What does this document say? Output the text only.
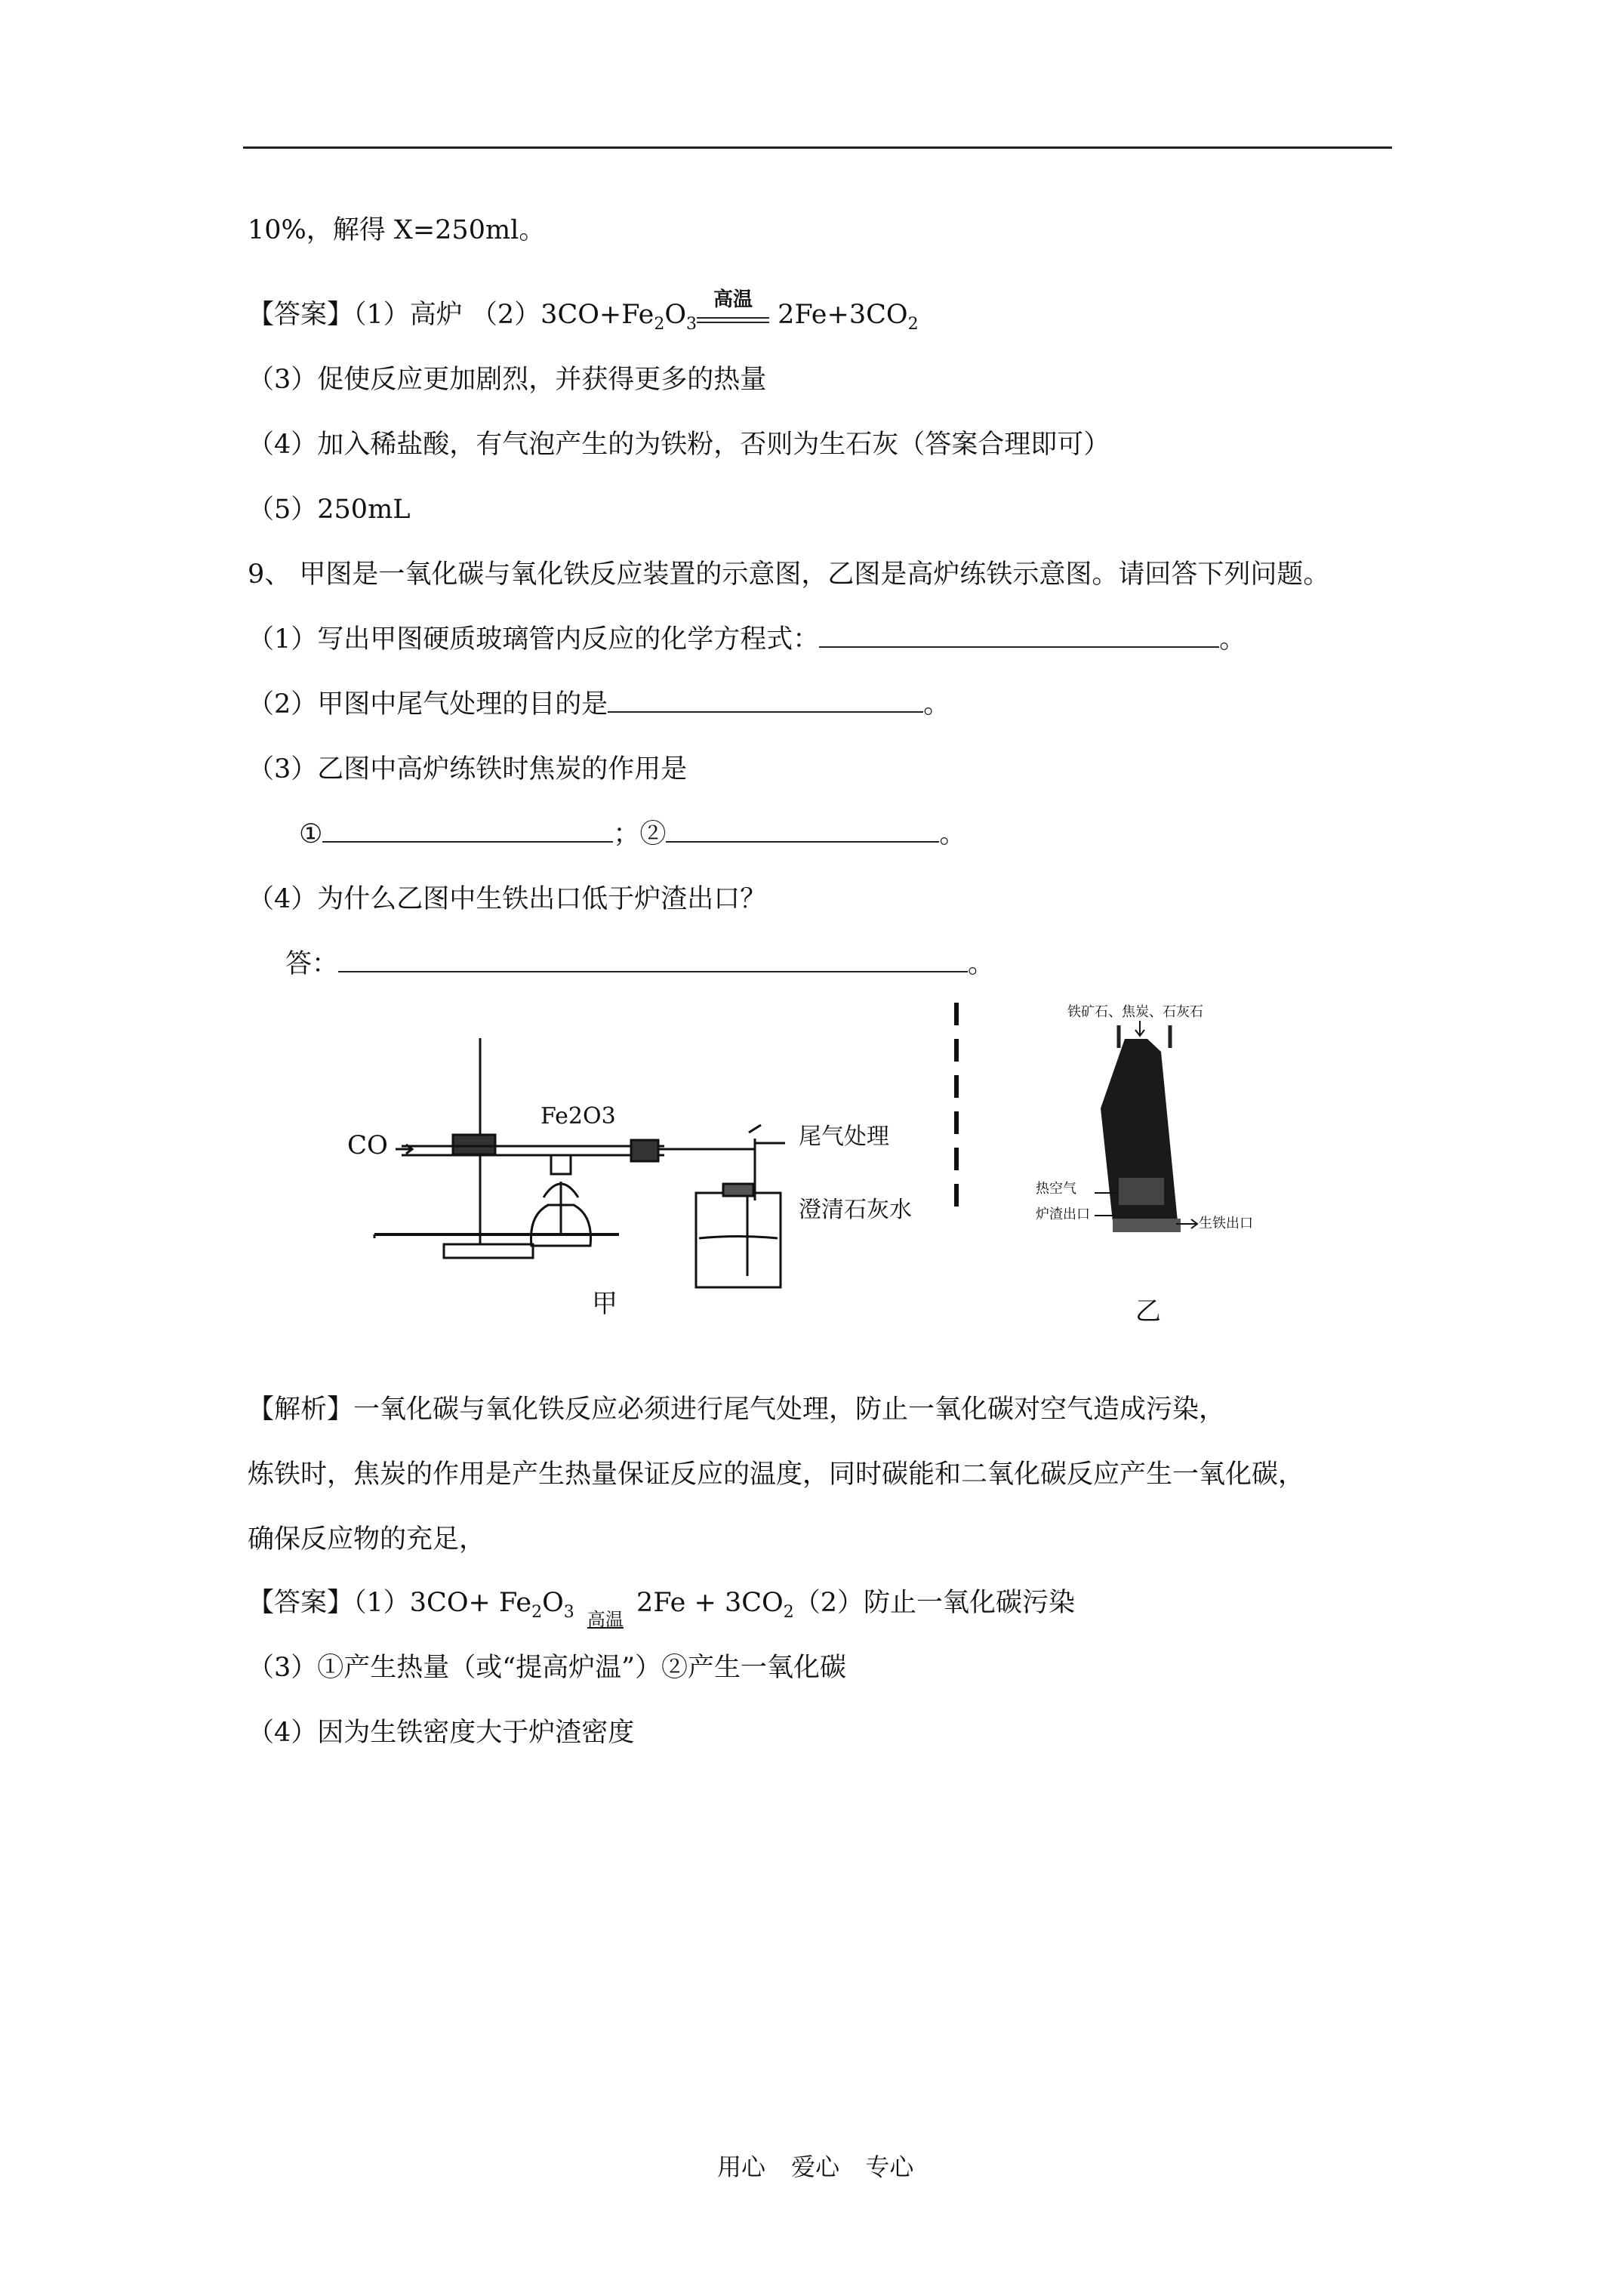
10%，解得 X=250ml。
【答案】（1）高炉 $(2)3CO+Fe_2O_3$
高温 $2Fe+3CO_2$
（3）促使反应更加剧烈，并获得更多的热量
（4）加入稀盐酸，有气泡产生的为铁粉，否则为生石灰（答案合理即可）
（5）250mL
9、 甲图是一氧化碳与氧化铁反应装置的示意图，乙图是高炉练铁示意图。请回答下列问题。
（1）写出甲图硬质玻璃管内反应的化学方程式：	。
（2）甲图中尾气处理的目的是	。
（3）乙图中高炉练铁时焦炭的作用是
①	；②	。
（4）为什么乙图中生铁出口低于炉渣出口？
答：	。
CO
Fe2O3
尾气处理
澄清石灰水
甲
铁矿石、焦炭、石灰石
热空气
炉渣出口
生铁出口
乙
【解析】一氧化碳与氧化铁反应必须进行尾气处理，防止一氧化碳对空气造成污染，
炼铁时，焦炭的作用是产生热量保证反应的温度，同时碳能和二氧化碳反应产生一氧化碳，
确保反应物的充足，
【答案】$(1)3CO+ Fe_2O_3$ 高温
$2Fe + 3CO_2(2)$防止一氧化碳污染
（3）①产生热量（或“提高炉温”）②产生一氧化碳
（4）因为生铁密度大于炉渣密度
用心 爱心 专心
